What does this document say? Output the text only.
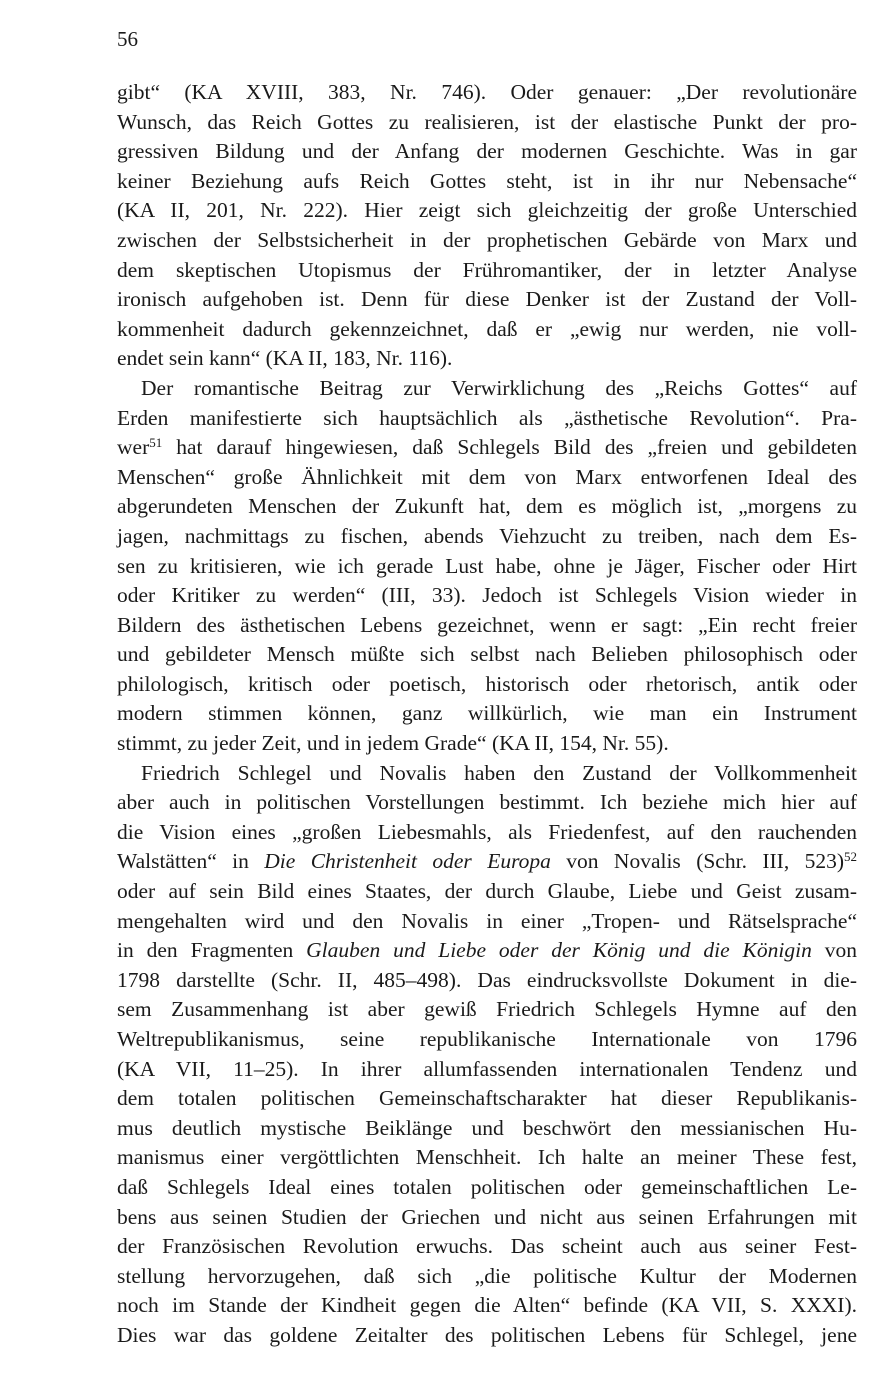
56
gibt“ (KA XVIII, 383, Nr. 746). Oder genauer: „Der revolutionäre
Wunsch, das Reich Gottes zu realisieren, ist der elastische Punkt der pro-
gressiven Bildung und der Anfang der modernen Geschichte. Was in gar
keiner Beziehung aufs Reich Gottes steht, ist in ihr nur Nebensache“
(KA II, 201, Nr. 222). Hier zeigt sich gleichzeitig der große Unterschied
zwischen der Selbstsicherheit in der prophetischen Gebärde von Marx und
dem skeptischen Utopismus der Frühromantiker, der in letzter Analyse
ironisch aufgehoben ist. Denn für diese Denker ist der Zustand der Voll-
kommenheit dadurch gekennzeichnet, daß er „ewig nur werden, nie voll-
endet sein kann“ (KA II, 183, Nr. 116).
Der romantische Beitrag zur Verwirklichung des „Reichs Gottes“ auf
Erden manifestierte sich hauptsächlich als „ästhetische Revolution“. Pra-
wer$^{51}$ hat darauf hingewiesen, daß Schlegels Bild des „freien und gebildeten
Menschen“ große Ähnlichkeit mit dem von Marx entworfenen Ideal des
abgerundeten Menschen der Zukunft hat, dem es möglich ist, „morgens zu
jagen, nachmittags zu fischen, abends Viehzucht zu treiben, nach dem Es-
sen zu kritisieren, wie ich gerade Lust habe, ohne je Jäger, Fischer oder Hirt
oder Kritiker zu werden“ (III, 33). Jedoch ist Schlegels Vision wieder in
Bildern des ästhetischen Lebens gezeichnet, wenn er sagt: „Ein recht freier
und gebildeter Mensch müßte sich selbst nach Belieben philosophisch oder
philologisch, kritisch oder poetisch, historisch oder rhetorisch, antik oder
modern stimmen können, ganz willkürlich, wie man ein Instrument
stimmt, zu jeder Zeit, und in jedem Grade“ (KA II, 154, Nr. 55).
Friedrich Schlegel und Novalis haben den Zustand der Vollkommenheit
aber auch in politischen Vorstellungen bestimmt. Ich beziehe mich hier auf
die Vision eines „großen Liebesmahls, als Friedenfest, auf den rauchenden
Walstätten“ in Die Christenheit oder Europa von Novalis (Schr. III, 523)$^{52}$
oder auf sein Bild eines Staates, der durch Glaube, Liebe und Geist zusam-
mengehalten wird und den Novalis in einer „Tropen- und Rätselsprache“
in den Fragmenten Glauben und Liebe oder der König und die Königin von
1798 darstellte (Schr. II, 485–498). Das eindrucksvollste Dokument in die-
sem Zusammenhang ist aber gewiß Friedrich Schlegels Hymne auf den
Weltrepublikanismus, seine republikanische Internationale von 1796
(KA VII, 11–25). In ihrer allumfassenden internationalen Tendenz und
dem totalen politischen Gemeinschaftscharakter hat dieser Republikanis-
mus deutlich mystische Beiklänge und beschwört den messianischen Hu-
manismus einer vergöttlichten Menschheit. Ich halte an meiner These fest,
daß Schlegels Ideal eines totalen politischen oder gemeinschaftlichen Le-
bens aus seinen Studien der Griechen und nicht aus seinen Erfahrungen mit
der Französischen Revolution erwuchs. Das scheint auch aus seiner Fest-
stellung hervorzugehen, daß sich „die politische Kultur der Modernen
noch im Stande der Kindheit gegen die Alten“ befinde (KA VII, S. XXXI).
Dies war das goldene Zeitalter des politischen Lebens für Schlegel, jene
